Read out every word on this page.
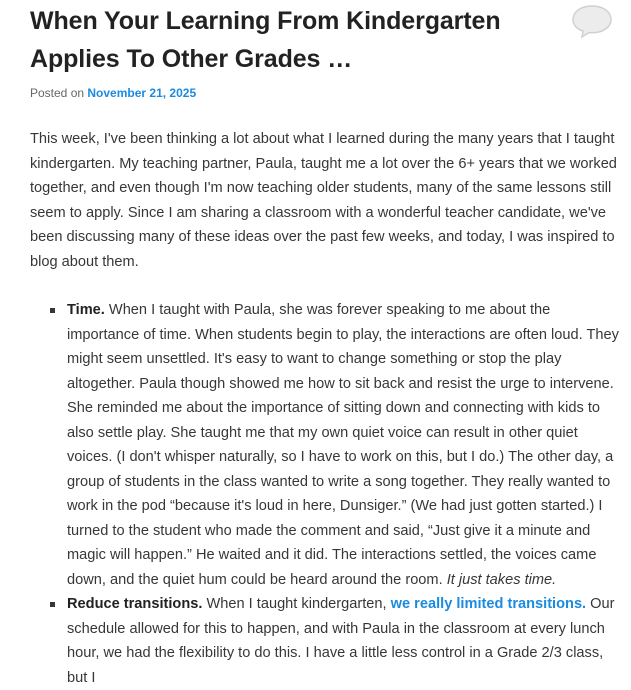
When Your Learning From Kindergarten Applies To Other Grades …
Posted on November 21, 2025

This week, I've been thinking a lot about what I learned during the many years that I taught kindergarten. My teaching partner, Paula, taught me a lot over the 6+ years that we worked together, and even though I'm now teaching older students, many of the same lessons still seem to apply. Since I am sharing a classroom with a wonderful teacher candidate, we've been discussing many of these ideas over the past few weeks, and today, I was inspired to blog about them.

Time. When I taught with Paula, she was forever speaking to me about the importance of time. When students begin to play, the interactions are often loud. They might seem unsettled. It's easy to want to change something or stop the play altogether. Paula though showed me how to sit back and resist the urge to intervene. She reminded me about the importance of sitting down and connecting with kids to also settle play. She taught me that my own quiet voice can result in other quiet voices. (I don't whisper naturally, so I have to work on this, but I do.) The other day, a group of students in the class wanted to write a song together. They really wanted to work in the pod “because it's loud in here, Dunsiger.” (We had just gotten started.) I turned to the student who made the comment and said, “Just give it a minute and magic will happen.” He waited and it did. The interactions settled, the voices came down, and the quiet hum could be heard around the room. It just takes time.
Reduce transitions. When I taught kindergarten, we really limited transitions. Our schedule allowed for this to happen, and with Paula in the classroom at every lunch hour, we had the flexibility to do this. I have a little less control in a Grade 2/3 class, but I
